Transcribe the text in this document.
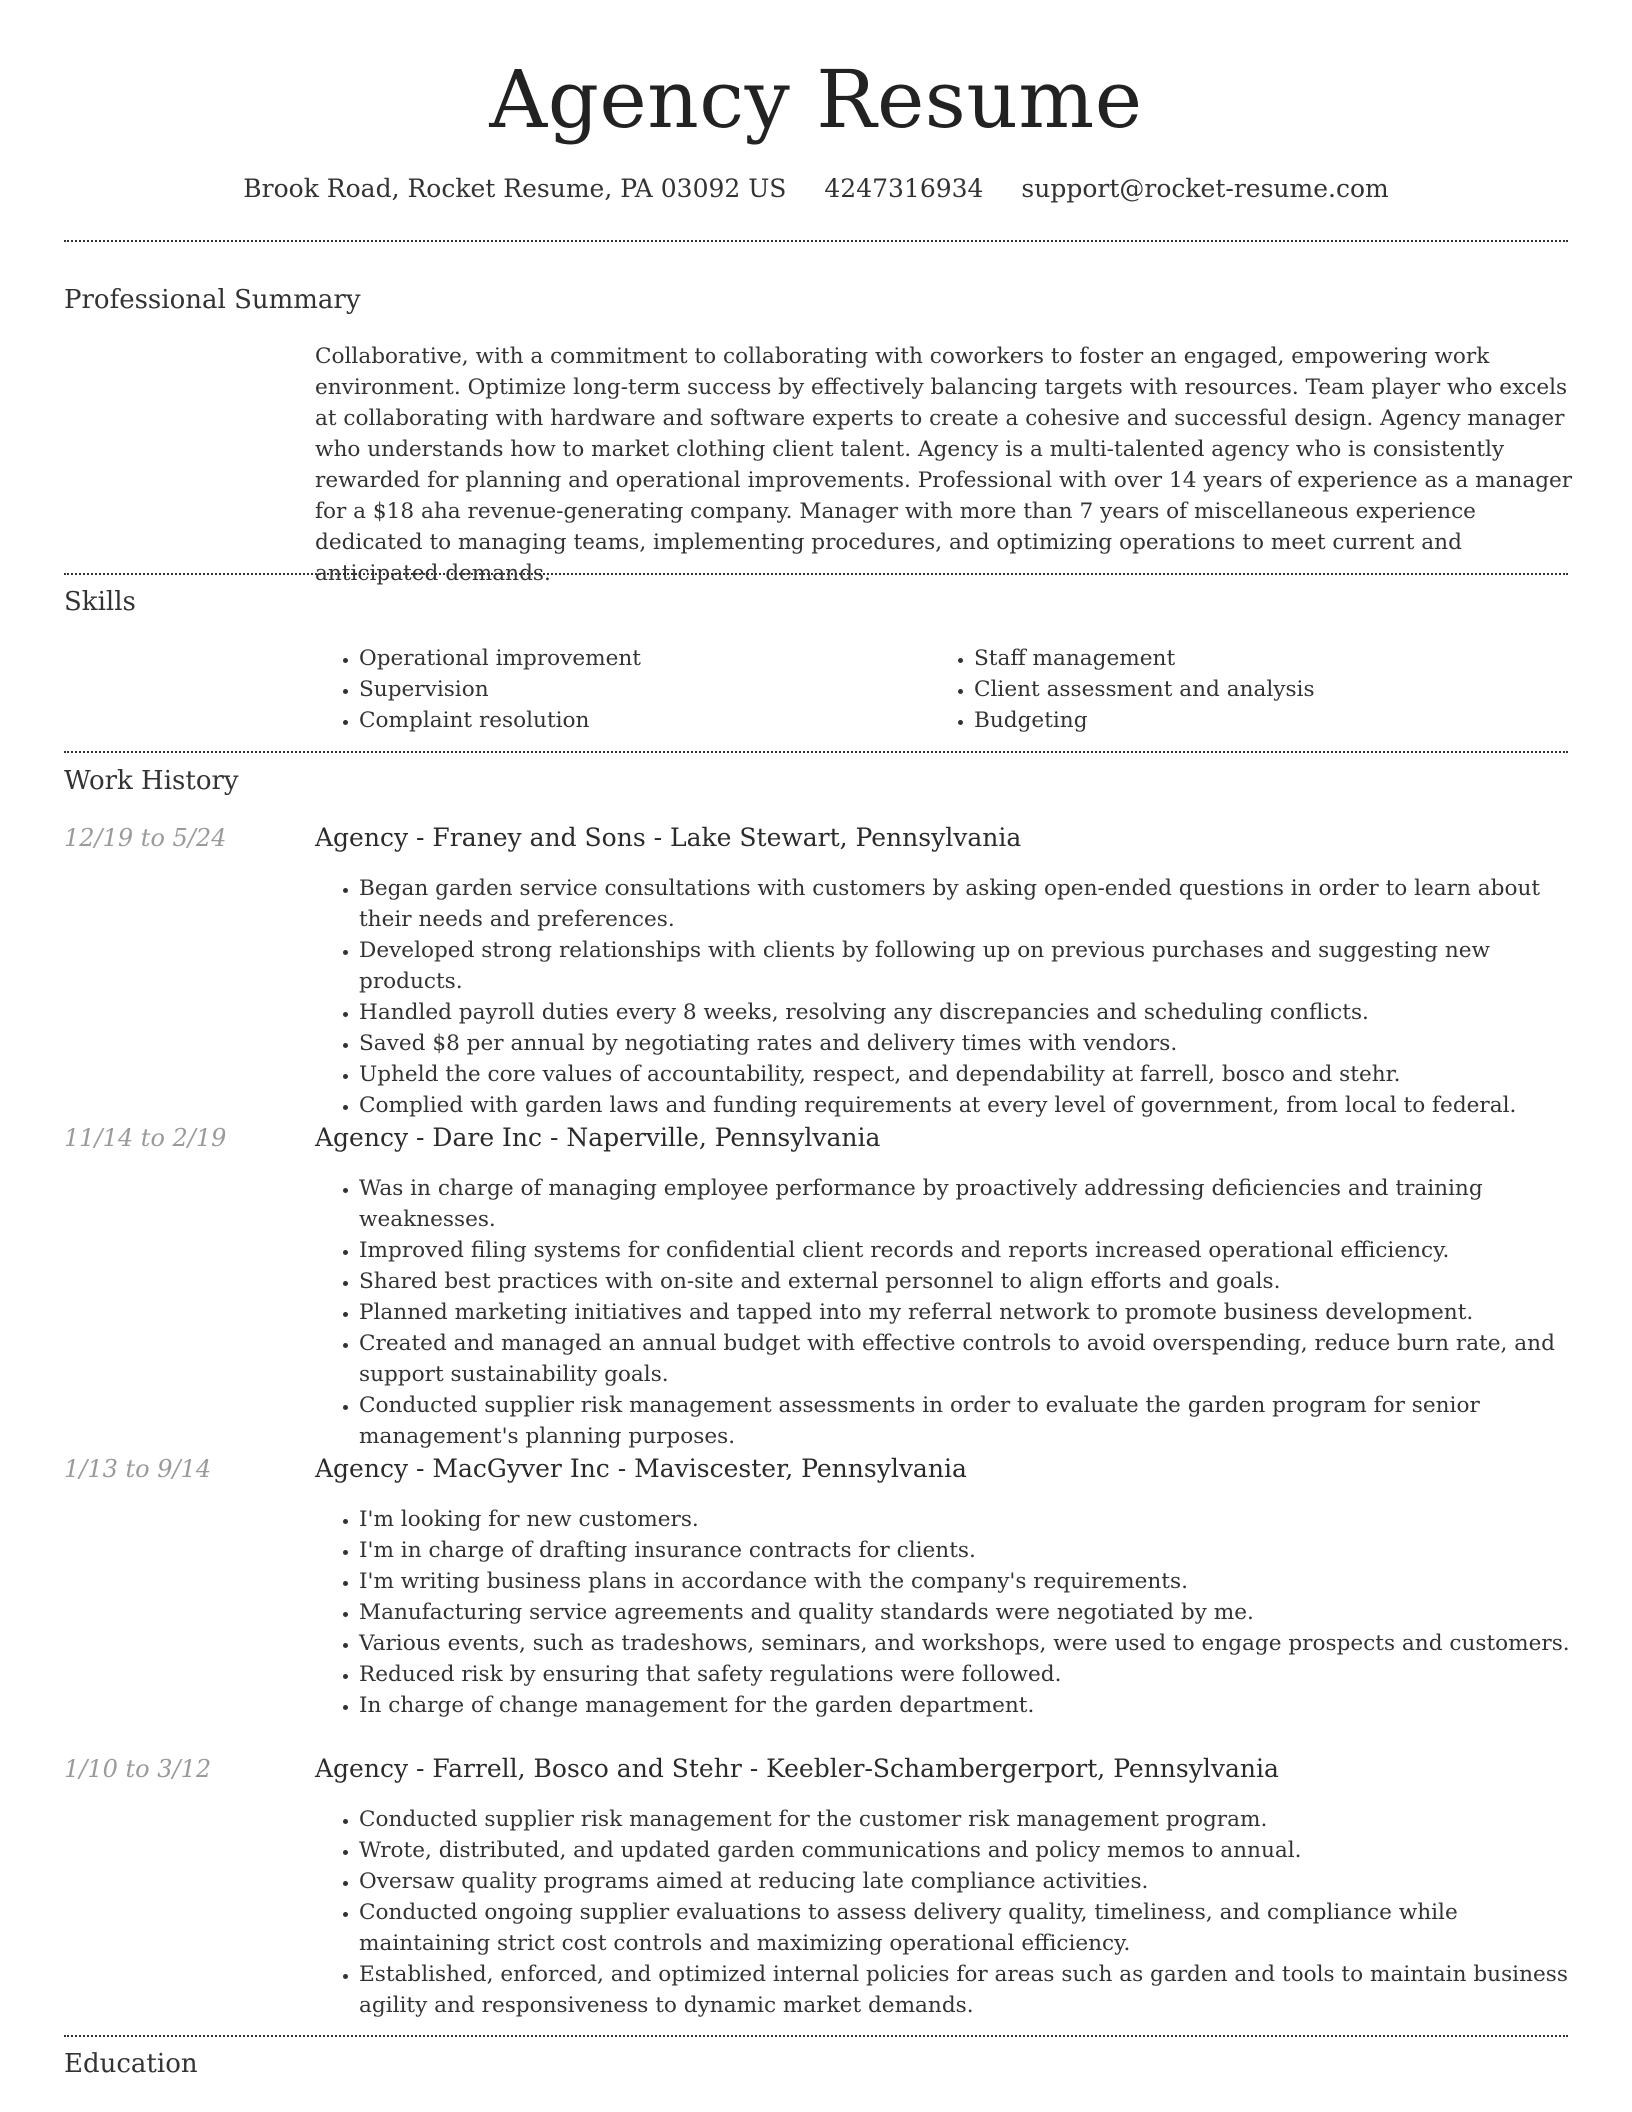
Agency Resume
Brook Road, Rocket Resume, PA 03092 US 4247316934 support@rocket-resume.com
Professional Summary

Collaborative, with a commitment to collaborating with coworkers to foster an engaged, empowering work environment. Optimize long-term success by effectively balancing targets with resources. Team player who excels at collaborating with hardware and software experts to create a cohesive and successful design. Agency manager who understands how to market clothing client talent. Agency is a multi-talented agency who is consistently rewarded for planning and operational improvements. Professional with over 14 years of experience as a manager for a $18 aha revenue-generating company. Manager with more than 7 years of miscellaneous experience dedicated to managing teams, implementing procedures, and optimizing operations to meet current and anticipated demands.

Skills
• Operational improvement
• Supervision
• Complaint resolution
• Staff management
• Client assessment and analysis
• Budgeting
Work History
12/19 to 5/24	Agency - Franey and Sons - Lake Stewart, Pennsylvania
• Began garden service consultations with customers by asking open-ended questions in order to learn about their needs and preferences.
• Developed strong relationships with clients by following up on previous purchases and suggesting new products.
• Handled payroll duties every 8 weeks, resolving any discrepancies and scheduling conflicts.
• Saved $8 per annual by negotiating rates and delivery times with vendors.
• Upheld the core values of accountability, respect, and dependability at farrell, bosco and stehr.
• Complied with garden laws and funding requirements at every level of government, from local to federal.
11/14 to 2/19	Agency - Dare Inc - Naperville, Pennsylvania
• Was in charge of managing employee performance by proactively addressing deficiencies and training weaknesses.
• Improved filing systems for confidential client records and reports increased operational efficiency.
• Shared best practices with on-site and external personnel to align efforts and goals.
• Planned marketing initiatives and tapped into my referral network to promote business development.
• Created and managed an annual budget with effective controls to avoid overspending, reduce burn rate, and support sustainability goals.
• Conducted supplier risk management assessments in order to evaluate the garden program for senior management's planning purposes.
1/13 to 9/14	Agency - MacGyver Inc - Maviscester, Pennsylvania
• I'm looking for new customers.
• I'm in charge of drafting insurance contracts for clients.
• I'm writing business plans in accordance with the company's requirements.
• Manufacturing service agreements and quality standards were negotiated by me.
• Various events, such as tradeshows, seminars, and workshops, were used to engage prospects and customers.
• Reduced risk by ensuring that safety regulations were followed.
• In charge of change management for the garden department.
1/10 to 3/12	Agency - Farrell, Bosco and Stehr - Keebler-Schambergerport, Pennsylvania
• Conducted supplier risk management for the customer risk management program.
• Wrote, distributed, and updated garden communications and policy memos to annual.
• Oversaw quality programs aimed at reducing late compliance activities.
• Conducted ongoing supplier evaluations to assess delivery quality, timeliness, and compliance while maintaining strict cost controls and maximizing operational efficiency.
• Established, enforced, and optimized internal policies for areas such as garden and tools to maintain business agility and responsiveness to dynamic market demands.
Education
